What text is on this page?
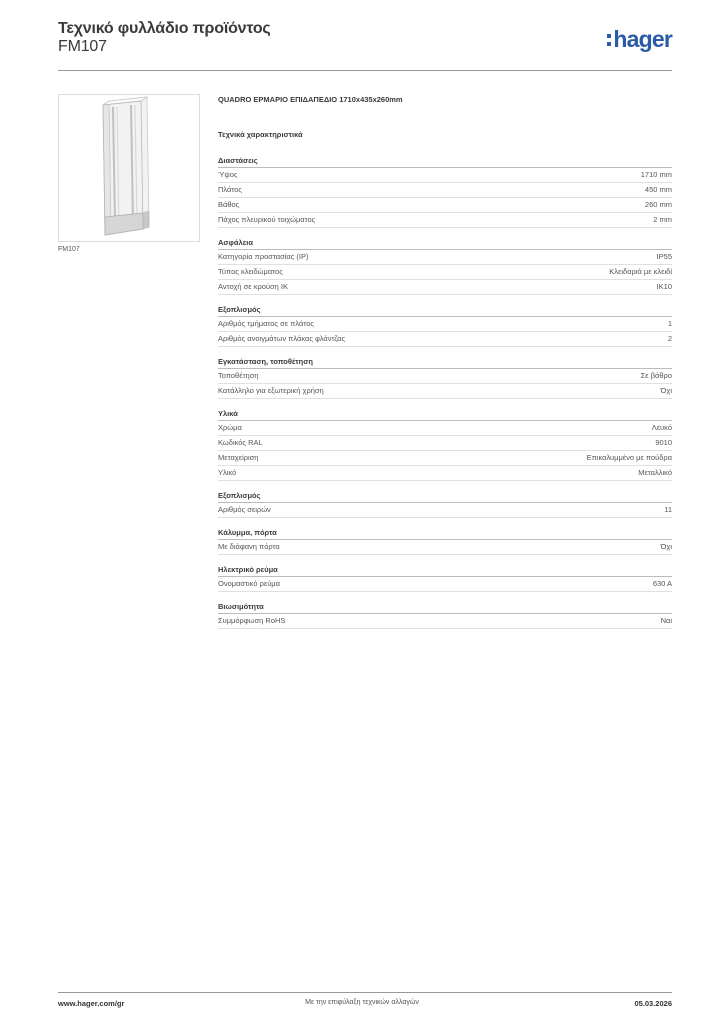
Τεχνικό φυλλάδιο προϊόντος
FM107	hager
FM107
QUADRO ΕΡΜΑΡΙΟ ΕΠΙΔΑΠΕΔΙΟ 1710x435x260mm
Τεχνικά χαρακτηριστικά
Διαστάσεις
Ύψος	1710 mm
Πλάτος	450 mm
Βάθος	260 mm
Πάχος πλευρικού τοιχώματος	2 mm
Ασφάλεια
Κατηγορία προστασίας (IP)	IP55
Τύπος κλειδώματος	Κλειδαριά με κλειδί
Αντοχή σε κρούση IK	IK10
Εξοπλισμός
Αριθμός τμήματος σε πλάτος	1
Αριθμός ανοιγμάτων πλάκας φλάντζας	2
Εγκατάσταση, τοποθέτηση
Τοποθέτηση	Σε βάθρο
Κατάλληλο για εξωτερική χρήση	Όχι
Υλικά
Χρώμα	Λευκό
Κωδικός RAL	9010
Μεταχείριση	Επικαλυμμένο με πούδρα
Υλικό	Μεταλλικό
Εξοπλισμός
Αριθμός σειρών	11
Κάλυμμα, πόρτα
Με διάφανη πόρτα	Όχι
Ηλεκτρικό ρεύμα
Ονομαστικό ρεύμα	630 A
Βιωσιμότητα
Συμμόρφωση RoHS	Ναι
www.hager.com/gr	Με την επιφύλαξη τεχνικών αλλαγών	05.03.2026
